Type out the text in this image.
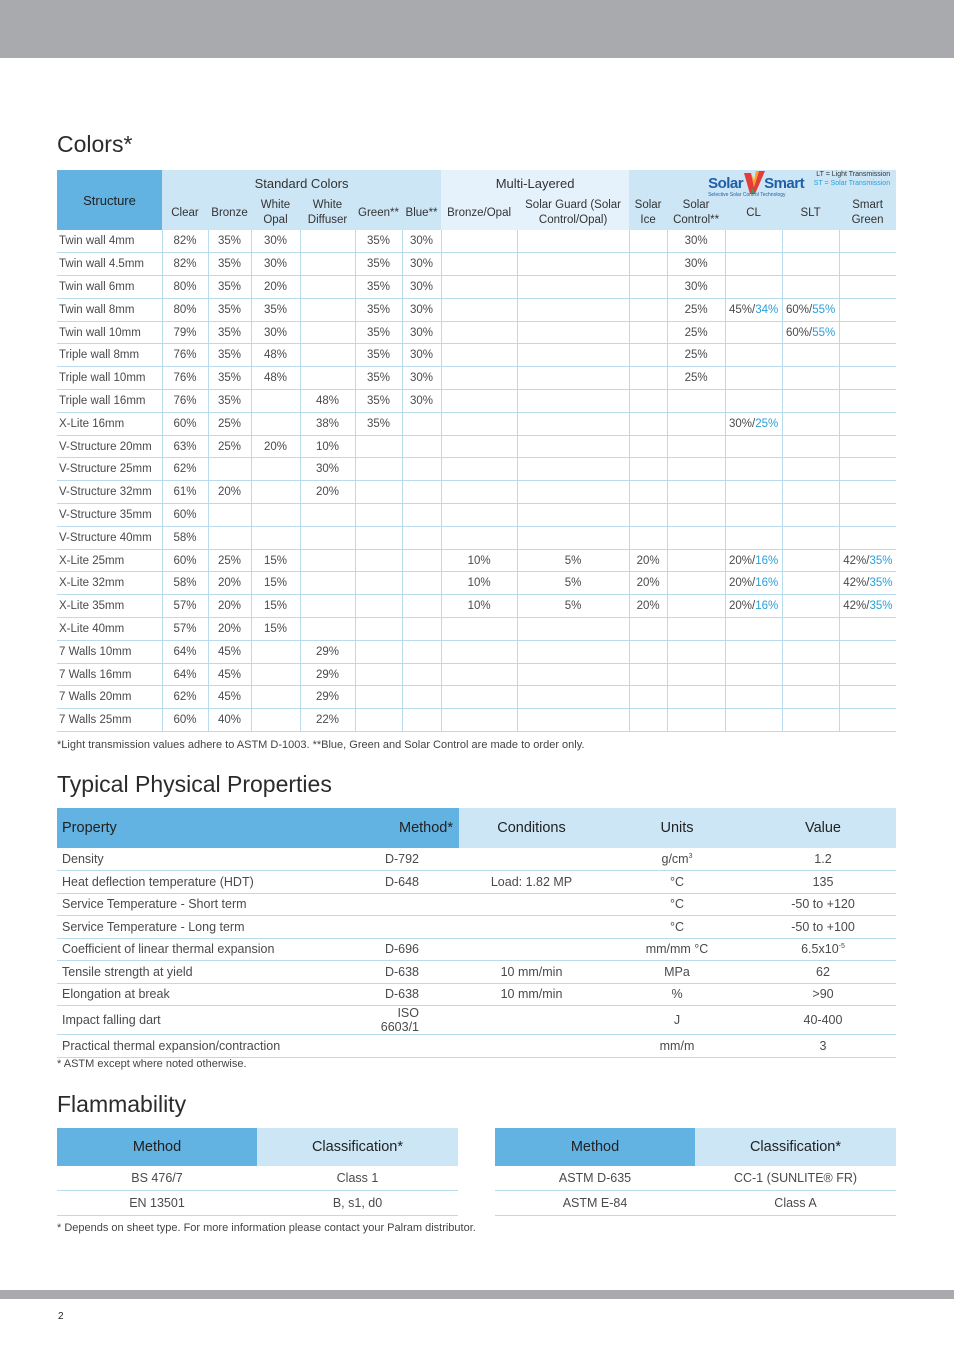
Colors*
Structure	Standard Colors						Multi-Layered		Solar Smart
Selective Solar Control Technology
LT = Light Transmission
ST = Solar Transmission				

	Clear	Bronze	White Opal	White Diffuser	Green**	Blue**	Bronze/Opal	Solar Guard (Solar Control/Opal)	Solar Ice	Solar Control**	CL	SLT	Smart Green
Twin wall 4mm	82%	35%	30%		35%	30%				30%			
Twin wall 4.5mm	82%	35%	30%		35%	30%				30%			
Twin wall 6mm	80%	35%	20%		35%	30%				30%			
Twin wall 8mm	80%	35%	35%		35%	30%				25%	45%/34%	60%/55%	
Twin wall 10mm	79%	35%	30%		35%	30%				25%		60%/55%	
Triple wall 8mm	76%	35%	48%		35%	30%				25%			
Triple wall 10mm	76%	35%	48%		35%	30%				25%			
Triple wall 16mm	76%	35%		48%	35%	30%							
X-Lite 16mm	60%	25%		38%	35%						30%/25%		
V-Structure 20mm	63%	25%	20%	10%									
V-Structure 25mm	62%			30%									
V-Structure 32mm	61%	20%		20%									
V-Structure 35mm	60%												
V-Structure 40mm	58%												
X-Lite 25mm	60%	25%	15%				10%	5%	20%		20%/16%		42%/35%
X-Lite 32mm	58%	20%	15%				10%	5%	20%		20%/16%		42%/35%
X-Lite 35mm	57%	20%	15%				10%	5%	20%		20%/16%		42%/35%
X-Lite 40mm	57%	20%	15%										
7 Walls 10mm	64%	45%		29%									
7 Walls 16mm	64%	45%		29%									
7 Walls 20mm	62%	45%		29%									
7 Walls 25mm	60%	40%		22%									
*Light transmission values adhere to ASTM D-1003. **Blue, Green and Solar Control are made to order only.
Typical Physical Properties
Property	Method*	Conditions	Units	Value
Density	D-792		$g/cm^3$	1.2
Heat deflection temperature (HDT)	D-648	Load: 1.82 MP	°C	135
Service Temperature - Short term			°C	-50 to +120
Service Temperature - Long term			°C	-50 to +100
Coefficient of linear thermal expansion	D-696		mm/mm °C	$6.5x10^{-5}$
Tensile strength at yield	D-638	10 mm/min	MPa	62
Elongation at break	D-638	10 mm/min	%	>90
Impact falling dart	ISO 6603/1		J	40-400
Practical thermal expansion/contraction			mm/m	3
* ASTM except where noted otherwise.
Flammability
Method	Classification*
BS 476/7	Class 1
EN 13501	B, s1, d0
Method	Classification*
ASTM D-635	CC-1 (SUNLITE® FR)
ASTM E-84	Class A
* Depends on sheet type. For more information please contact your Palram distributor.
2
